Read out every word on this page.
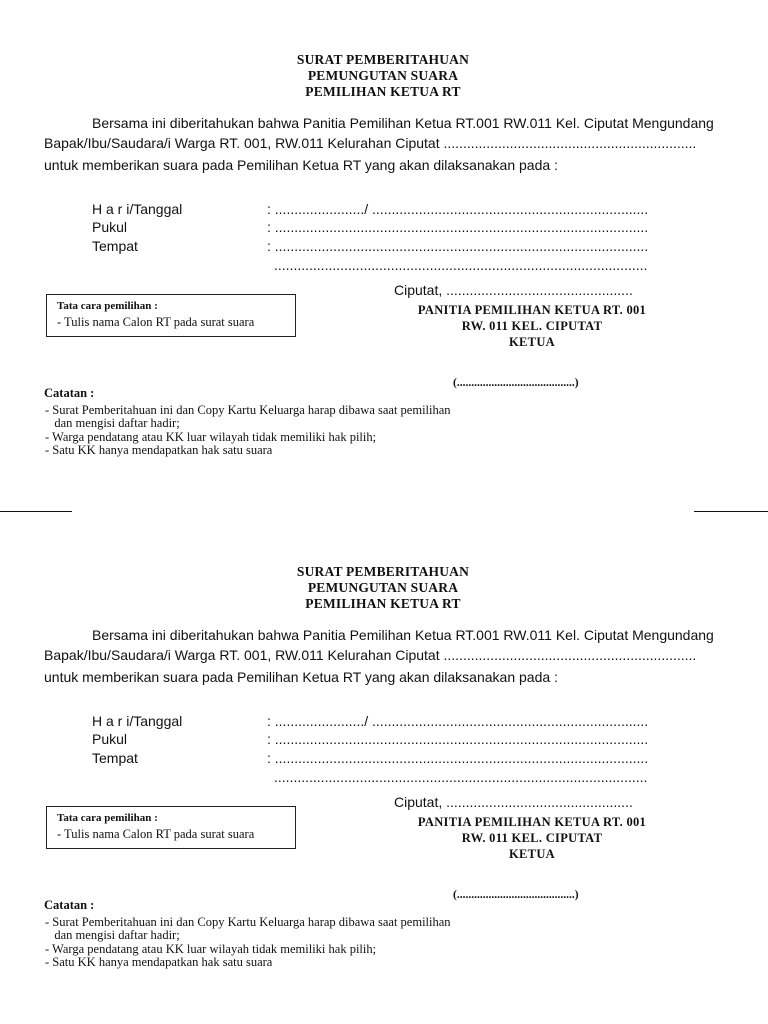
SURAT PEMBERITAHUAN
PEMUNGUTAN SUARA
PEMILIHAN KETUA RT
Bersama ini diberitahukan bahwa Panitia Pemilihan Ketua RT.001 RW.011 Kel. Ciputat Mengundang
Bapak/Ibu/Saudara/i Warga RT. 001, RW.011 Kelurahan Ciputat .................................................................
untuk memberikan suara pada Pemilihan Ketua RT yang akan dilaksanakan pada :
H a r i/Tanggal	: ......................./ .......................................................................
Pukul	: ................................................................................................
Tempat	: ................................................................................................
................................................................................................
Ciputat, ................................................
Tata cara pemilihan :
- Tulis nama Calon RT pada surat suara
PANITIA PEMILIHAN KETUA RT. 001
RW. 011 KEL. CIPUTAT
KETUA
(.........................................)
Catatan :
- Surat Pemberitahuan ini dan Copy Kartu Keluarga harap dibawa saat pemilihan
dan mengisi daftar hadir;
- Warga pendatang atau KK luar wilayah tidak memiliki hak pilih;
- Satu KK hanya mendapatkan hak satu suara
SURAT PEMBERITAHUAN
PEMUNGUTAN SUARA
PEMILIHAN KETUA RT
Bersama ini diberitahukan bahwa Panitia Pemilihan Ketua RT.001 RW.011 Kel. Ciputat Mengundang
Bapak/Ibu/Saudara/i Warga RT. 001, RW.011 Kelurahan Ciputat .................................................................
untuk memberikan suara pada Pemilihan Ketua RT yang akan dilaksanakan pada :
H a r i/Tanggal	: ......................./ .......................................................................
Pukul	: ................................................................................................
Tempat	: ................................................................................................
................................................................................................
Ciputat, ................................................
Tata cara pemilihan :
- Tulis nama Calon RT pada surat suara
PANITIA PEMILIHAN KETUA RT. 001
RW. 011 KEL. CIPUTAT
KETUA
(.........................................)
Catatan :
- Surat Pemberitahuan ini dan Copy Kartu Keluarga harap dibawa saat pemilihan
dan mengisi daftar hadir;
- Warga pendatang atau KK luar wilayah tidak memiliki hak pilih;
- Satu KK hanya mendapatkan hak satu suara
